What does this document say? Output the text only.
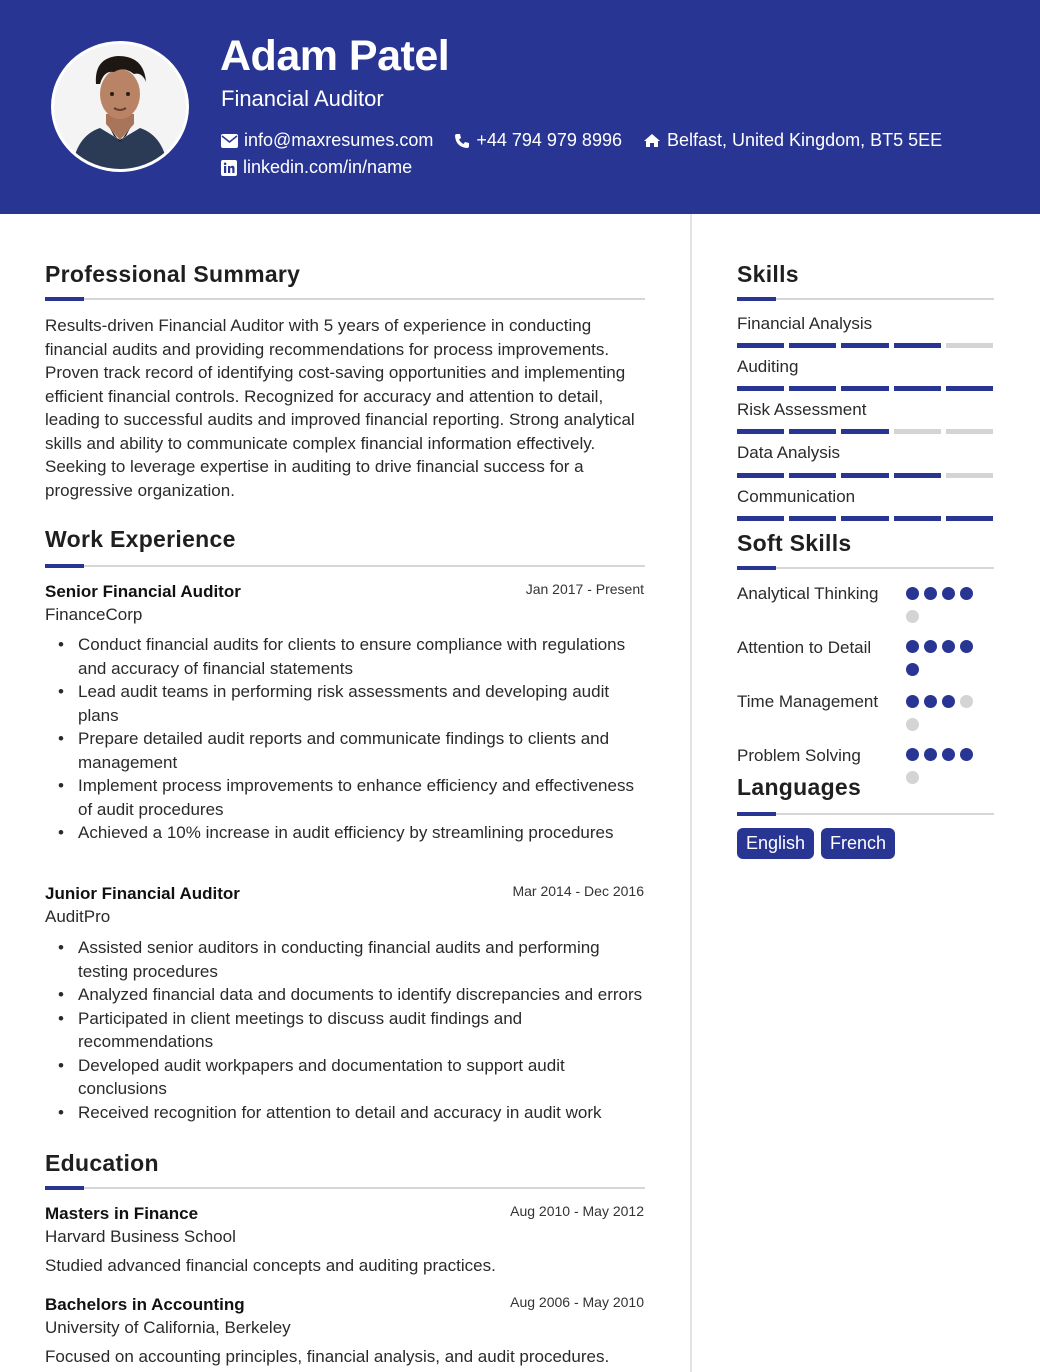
Adam Patel
Financial Auditor
info@maxresumes.com +44 794 979 8996	Belfast, United Kingdom, BT5 5EE
linkedin.com/in/name
Professional Summary
Results-driven Financial Auditor with 5 years of experience in conducting financial audits and providing recommendations for process improvements. Proven track record of identifying cost-saving opportunities and implementing efficient financial controls. Recognized for accuracy and attention to detail, leading to successful audits and improved financial reporting. Strong analytical skills and ability to communicate complex financial information effectively. Seeking to leverage expertise in auditing to drive financial success for a progressive organization.
Work Experience
Senior Financial Auditor	Jan 2017 - Present
FinanceCorp
• Conduct financial audits for clients to ensure compliance with regulations and accuracy of financial statements
• Lead audit teams in performing risk assessments and developing audit plans
• Prepare detailed audit reports and communicate findings to clients and management
• Implement process improvements to enhance efficiency and effectiveness of audit procedures
• Achieved a 10% increase in audit efficiency by streamlining procedures
Junior Financial Auditor	Mar 2014 - Dec 2016
AuditPro
• Assisted senior auditors in conducting financial audits and performing testing procedures
• Analyzed financial data and documents to identify discrepancies and errors
• Participated in client meetings to discuss audit findings and recommendations
• Developed audit workpapers and documentation to support audit conclusions
• Received recognition for attention to detail and accuracy in audit work
Education
Masters in Finance	Aug 2010 - May 2012
Harvard Business School
Studied advanced financial concepts and auditing practices.
Bachelors in Accounting	Aug 2006 - May 2010
University of California, Berkeley
Focused on accounting principles, financial analysis, and audit procedures.
Skills
Financial Analysis
Auditing
Risk Assessment
Data Analysis
Communication
Soft Skills
Analytical Thinking
Attention to Detail
Time Management
Problem Solving
Languages
English	French
